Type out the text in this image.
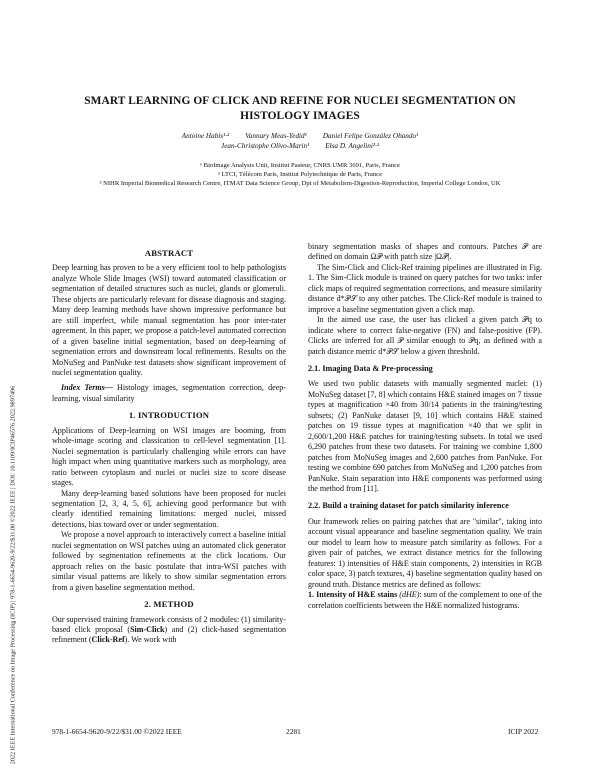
SMART LEARNING OF CLICK AND REFINE FOR NUCLEI SEGMENTATION ON
HISTOLOGY IMAGES
Antoine Habis¹·² Vannary Meas-Yedid¹ Daniel Felipe González Obando¹
Jean-Christophe Olivo-Marin¹ Elsa D. Angelini²·³
¹ BioImage Analysis Unit, Institut Pasteur, CNRS UMR 3691, Paris, France
² LTCI, Télécom Paris, Institut Polytechnique de Paris, France
³ NIHR Imperial Biomedical Research Centre, ITMAT Data Science Group, Dpt of Metabolism-Digestion-Reproduction, Imperial College London, UK
2022 IEEE International Conference on Image Processing (ICIP) | 978-1-6654-9620-9/22/$31.00 ©2022 IEEE | DOI: 10.1109/ICIP46576.2022.9897496
ABSTRACT

Deep learning has proven to be a very efficient tool to help pathologists analyze Whole Slide Images (WSI) toward automated classification or segmentation of detailed structures such as nuclei, glands or glomeruli. These objects are particularly relevant for disease diagnosis and staging. Many deep learning methods have shown impressive performance but are still imperfect, while manual segmentation has poor inter-rater agreement. In this paper, we propose a patch-level automated correction of a given baseline initial segmentation, based on deep-learning of segmentation errors and downstream local refinements. Results on the MoNuSeg and PanNuke test datasets show significant improvement of nuclei segmentation quality.

Index Terms— Histology images, segmentation correction, deep-learning, visual similarity

1. INTRODUCTION

Applications of Deep-learning on WSI images are booming, from whole-image scoring and classication to cell-level segmentation [1]. Nuclei segmentation is particularly challenging while errors can have high impact when using quantitative markers such as morphology, area ratio between cytoplasm and nuclei or nuclei size to score disease stages.

Many deep-learning based solutions have been proposed for nuclei segmentation [2, 3, 4, 5, 6], achieving good performance but with clearly identified remaining limitations: merged nuclei, missed detections, bias toward over or under segmentation.

We propose a novel approach to interactively correct a baseline initial nuclei segmentation on WSI patches using an automated click generator followed by segmentation refinements at the click locations. Our approach relies on the basic postulate that intra-WSI patches with similar visual patterns are likely to show similar segmentation errors from a given baseline segmentation method.

2. METHOD

Our supervised training framework consists of 2 modules: (1) similarity-based click proposal (Sim-Click) and (2) click-based segmentation refinement (Click-Ref). We work with

binary segmentation masks of shapes and contours. Patches 𝒫 are defined on domain Ω𝒫 with patch size |Ω𝒫|.

The Sim-Click and Click-Ref training pipelines are illustrated in Fig. 1. The Sim-Click module is trained on query patches for two tasks: infer click maps of required segmentation corrections, and measure similarity distance d*𝒫𝒮 to any other patches. The Click-Ref module is trained to improve a baseline segmentation given a click map.

In the aimed use case, the user has clicked a given patch 𝒫q to indicate where to correct false-negative (FN) and false-positive (FP). Clicks are inferred for all 𝒫 similar enough to 𝒫q, as defined with a patch distance metric d*𝒫𝒮 below a given threshold.

2.1. Imaging Data & Pre-processing

We used two public datasets with manually segmented nuclei: (1) MoNuSeg dataset [7, 8] which contains H&E stained images on 7 tissue types at magnification ×40 from 30/14 patients in the training/testing subsets; (2) PanNuke dataset [9, 10] which contains H&E stained patches on 19 tissue types at magnification ×40 that we split in 2,600/1,200 H&E patches for training/testing subsets. In total we used 6,290 patches from these two datasets. For training we combine 1,800 patches from MoNuSeg images and 2,600 patches from PanNuke. For testing we combine 690 patches from MoNuSeg and 1,200 patches from PanNuke. Stain separation into H&E components was performed using the method from [11].

2.2. Build a training dataset for patch similarity inference

Our framework relies on pairing patches that are "similar", taking into account visual appearance and baseline segmentation quality. We train our model to learn how to measure patch similarity as follows. For a given pair of patches, we extract distance metrics for the following features: 1) intensities of H&E stain components, 2) intensities in RGB color space, 3) patch textures, 4) baseline segmentation quality based on ground truth. Distance metrics are defined as follows:

1. Intensity of H&E stains (dHE): sum of the complement to one of the correlation coefficients between the H&E normalized histograms.

978-1-6654-9620-9/22/$31.00 ©2022 IEEE	2281	ICIP 2022
